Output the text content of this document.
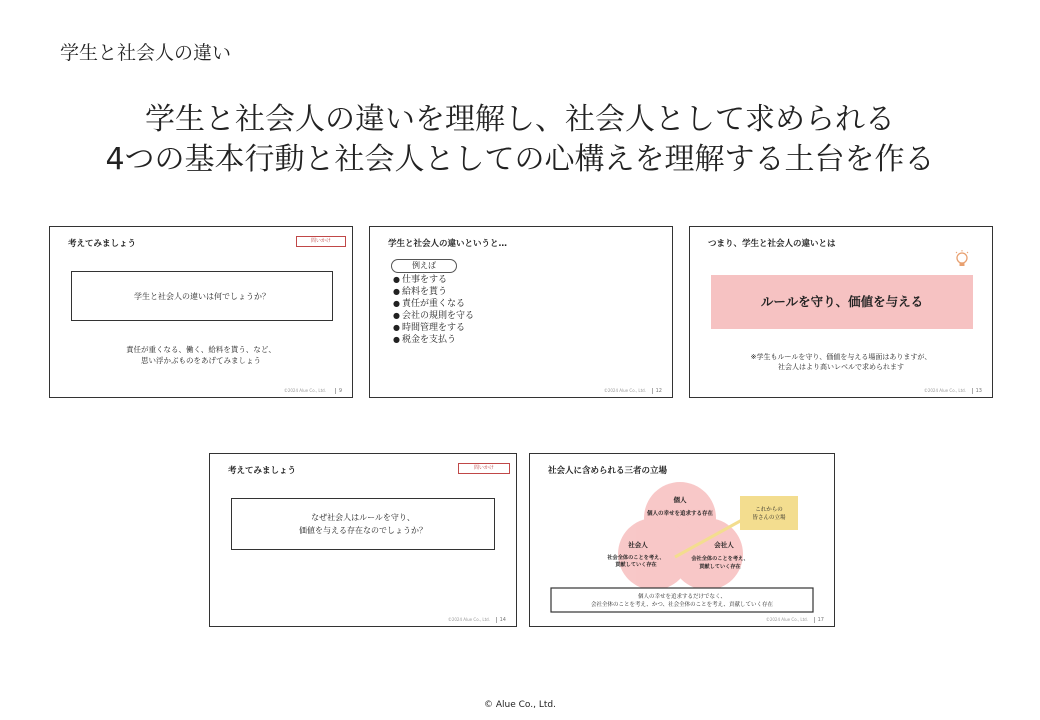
学生と社会人の違い
学生と社会人の違いを理解し、社会人として求められる
4つの基本行動と社会人としての心構えを理解する土台を作る
考えてみましょう	問いかけ
学生と社会人の違いは何でしょうか？
責任が重くなる、働く、給料を貰う、など、
思い浮かぶものをあげてみましょう
©2024 Alue Co., Ltd.	9
学生と社会人の違いというと…
例えば
● 仕事をする
● 給料を貰う
● 責任が重くなる
● 会社の規則を守る
● 時間管理をする
● 税金を支払う
©2024 Alue Co., Ltd.	12
つまり、学生と社会人の違いとは
ルールを守り、価値を与える
※学生もルールを守り、価値を与える場面はありますが、
社会人はより高いレベルで求められます
©2024 Alue Co., Ltd.	13
考えてみましょう	問いかけ
なぜ社会人はルールを守り、
価値を与える存在なのでしょうか？
©2024 Alue Co., Ltd.	14
社会人に含められる三者の立場
これからの
皆さんの立場
個人
個人の幸せを追求する存在
社会人
社会全体のことを考え、
貢献していく存在
会社人
会社全体のことを考え、
貢献していく存在
個人の幸せを追求するだけでなく、
会社全体のことを考え、かつ、社会全体のことを考え、貢献していく存在
©2024 Alue Co., Ltd.	17
© Alue Co., Ltd.
